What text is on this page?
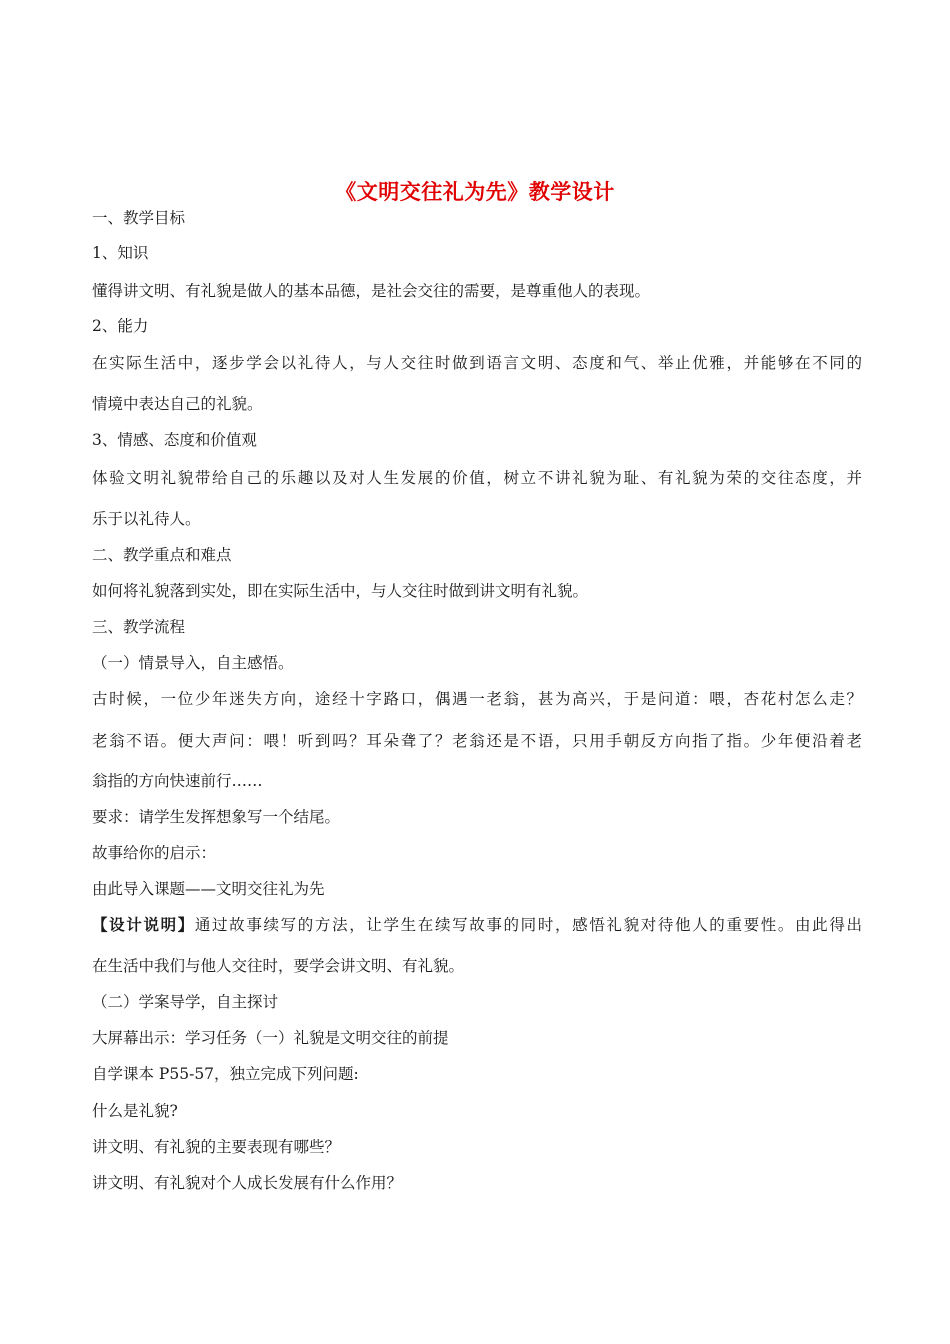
《文明交往礼为先》教学设计
一、教学目标
1、知识
懂得讲文明、有礼貌是做人的基本品德，是社会交往的需要，是尊重他人的表现。
2、能力
在实际生活中，逐步学会以礼待人，与人交往时做到语言文明、态度和气、举止优雅，并能够在不同的
情境中表达自己的礼貌。
3、情感、态度和价值观
体验文明礼貌带给自己的乐趣以及对人生发展的价值，树立不讲礼貌为耻、有礼貌为荣的交往态度，并
乐于以礼待人。
二、教学重点和难点
如何将礼貌落到实处，即在实际生活中，与人交往时做到讲文明有礼貌。
三、教学流程
（一）情景导入，自主感悟。
古时候，一位少年迷失方向，途经十字路口，偶遇一老翁，甚为高兴，于是问道：喂，杏花村怎么走？
老翁不语。便大声问：喂！听到吗？耳朵聋了？老翁还是不语，只用手朝反方向指了指。少年便沿着老
翁指的方向快速前行……
要求：请学生发挥想象写一个结尾。
故事给你的启示：
由此导入课题——文明交往礼为先
【设计说明】通过故事续写的方法，让学生在续写故事的同时，感悟礼貌对待他人的重要性。由此得出
在生活中我们与他人交往时，要学会讲文明、有礼貌。
（二）学案导学，自主探讨
大屏幕出示：学习任务（一）礼貌是文明交往的前提
自学课本 P55-57，独立完成下列问题:
什么是礼貌?
讲文明、有礼貌的主要表现有哪些？
讲文明、有礼貌对个人成长发展有什么作用？
